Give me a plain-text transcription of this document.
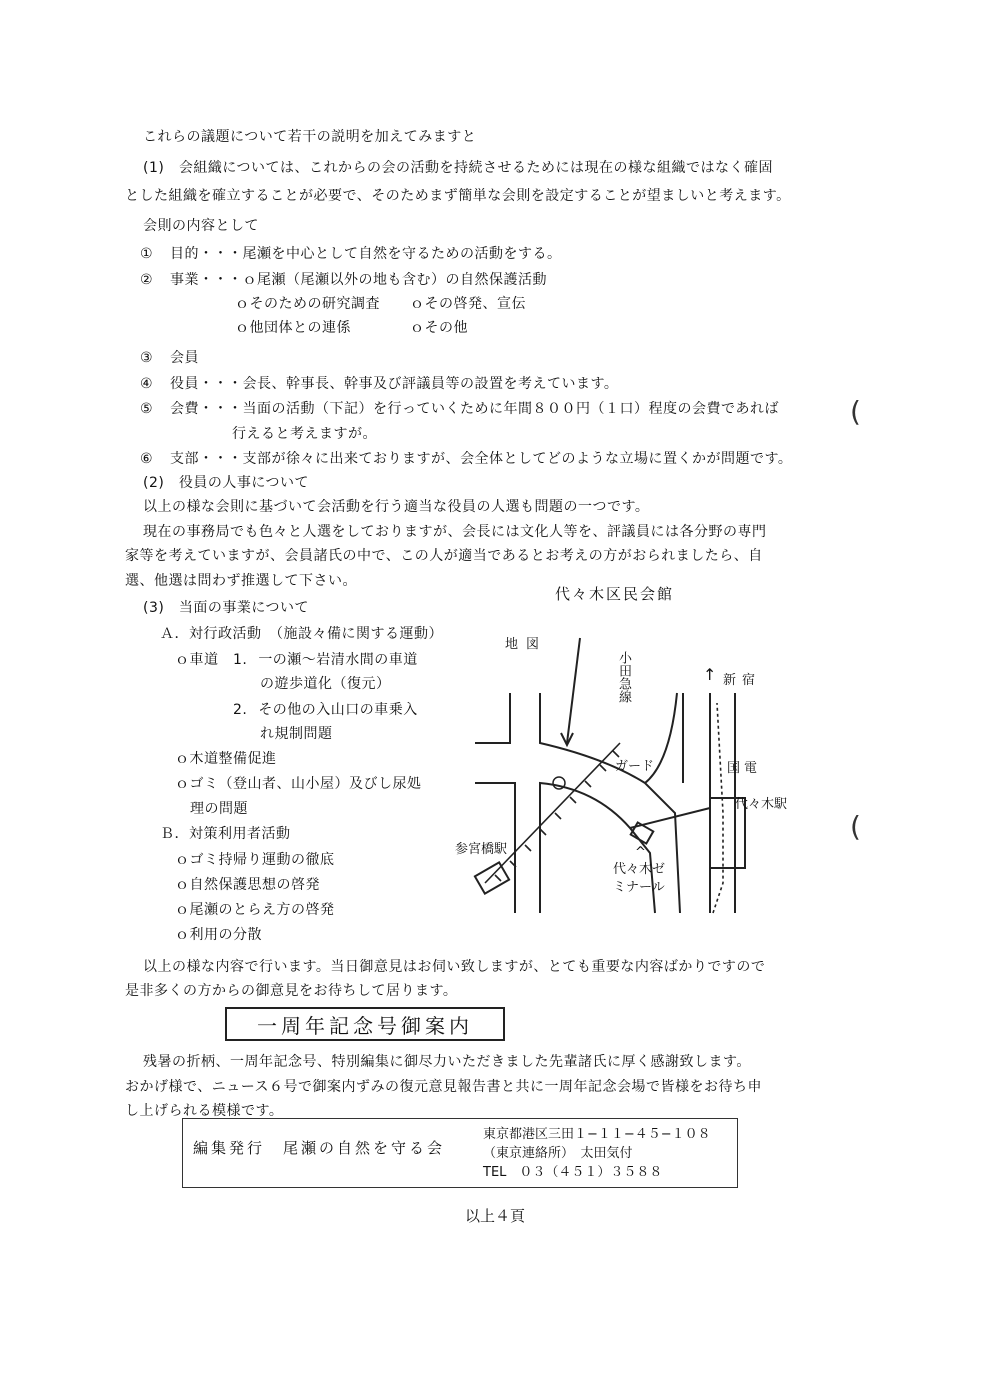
これらの議題について若干の説明を加えてみますと
(1)　会組織については、これからの会の活動を持続させるためには現在の様な組織ではなく確固
とした組織を確立することが必要で、そのためまず簡単な会則を設定することが望ましいと考えます。
会則の内容として
① 目的・・・尾瀬を中心として自然を守るための活動をする。
② 事業・・・ｏ尾瀬（尾瀬以外の地も含む）の自然保護活動
ｏそのための研究調査 ｏその啓発、宣伝
ｏ他団体との連係	ｏその他
③ 会員
④ 役員・・・会長、幹事長、幹事及び評議員等の設置を考えています。
⑤ 会費・・・当面の活動（下記）を行っていくために年間８００円（１口）程度の会費であれば
行えると考えますが。
⑥ 支部・・・支部が徐々に出来ておりますが、会全体としてどのような立場に置くかが問題です。
(2)　役員の人事について
以上の様な会則に基づいて会活動を行う適当な役員の人選も問題の一つです。
現在の事務局でも色々と人選をしておりますが、会長には文化人等を、評議員には各分野の専門
家等を考えていますが、会員諸氏の中で、この人が適当であるとお考えの方がおられましたら、自
選、他選は問わず推選して下さい。
(3)　当面の事業について
Ａ．対行政活動　（施設々備に関する運動）
ｏ車道　1. 一の瀬〜岩清水間の車道
の遊歩道化（復元）
2. その他の入山口の車乗入
れ規制問題
ｏ木道整備促進
ｏゴミ（登山者、山小屋）及びし尿処
理の問題
Ｂ．対策利用者活動
ｏゴミ持帰り運動の徹底
ｏ自然保護思想の啓発
ｏ尾瀬のとらえ方の啓発
ｏ利用の分散
代々木区民会館
地図
小田急線	↑ 新宿
国電
ガード
代々木駅
参宮橋駅	^
代々木ゼミナール
以上の様な内容で行います。当日御意見はお伺い致しますが、とても重要な内容ばかりですので
是非多くの方からの御意見をお待ちして居ります。
一周年記念号御案内
残暑の折柄、一周年記念号、特別編集に御尽力いただきました先輩諸氏に厚く感謝致します。
おかげ様で、ニュース６号で御案内ずみの復元意見報告書と共に一周年記念会場で皆様をお待ち申
し上げられる模様です。
編集発行　尾瀬の自然を守る会
東京都港区三田１−１１−４５−１０８
（東京連絡所）　太田気付
TEL　０３（４５１）３５８８
以上４頁
(
(
